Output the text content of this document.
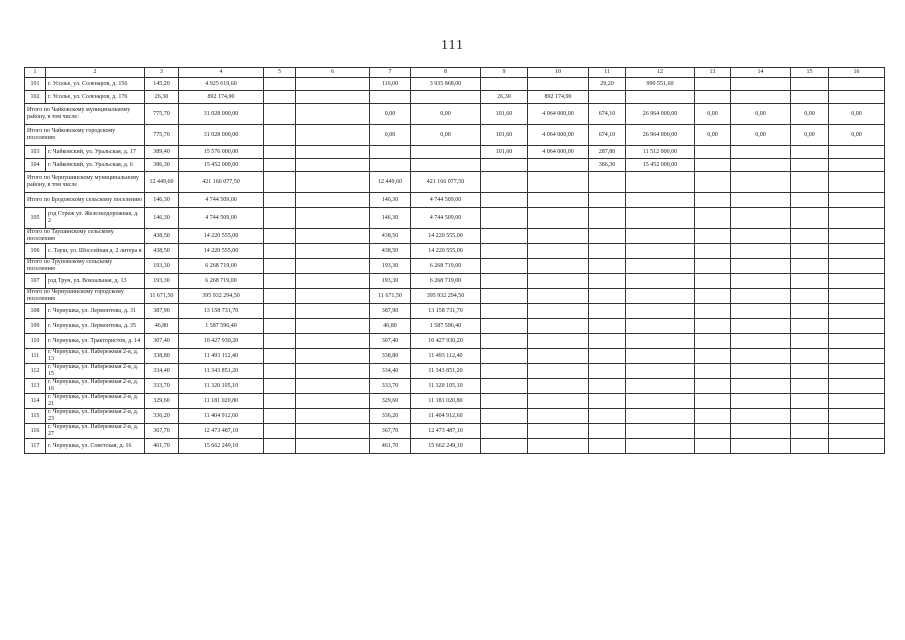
111
1	2	3	4	5	6	7	8	9	10	11	12	13	14	15	16
101	г. Усолье, ул. Соленаров, д. 156	145,20	4 925 619,60			116,00	3 935 868,00			29,20	990 551,60				
102	г. Усолье, ул. Соленаров, д. 176	26,30	892 174,90					26,30	892 174,90						
Итого по Чайковскому муниципальному району, в том числе:		775,70	31 028 000,00			0,00	0,00	101,60	4 064 000,00	674,10	26 964 000,00	0,00	0,00	0,00	0,00
Итого по Чайковскому городскому поселению		775,70	31 028 000,00			0,00	0,00	101,60	4 064 000,00	674,10	26 964 000,00	0,00	0,00	0,00	0,00
103	г. Чайковский, ул. Уральская, д. 17	389,40	15 576 000,00					101,60	4 064 000,00	287,80	11 512 000,00				
104	г. Чайковский, ул. Уральская, д. 6	386,30	15 452 000,00							386,30	15 452 000,00				
Итого по Чернушинскому муниципальному району, в том числе		12 449,60	421 166 077,50			12 449,60	421 166 077,50								
Итого по Бродовскому сельскому поселению		146,30	4 744 509,00			146,30	4 744 509,00								
105	рзд Стреж ул. Железнодорожная, д. 2	146,30	4 744 509,00			146,30	4 744 509,00								
Итого по Таушинскому сельскому поселению		438,50	14 220 555,00			438,50	14 220 555,00								
106	с. Тауш, ул. Шоссейная д. 2 литера я	438,50	14 220 555,00			438,50	14 220 555,00								
Итого по Труновскому сельскому поселению		193,30	6 268 719,00			193,30	6 268 719,00								
107	рзд Трун, ул. Вокзальная, д. 13	193,30	6 268 719,00			193,30	6 268 719,00								
Итого по Чернушинскому городскому поселению		11 671,50	395 932 294,50			11 671,50	395 932 294,50								
108	г. Чернушка, ул. Лермонтова, д. 31	387,90	13 158 731,70			387,90	13 158 731,70								
109	г. Чернушка, ул. Лермонтова, д. 35	46,80	1 587 596,40			46,80	1 587 596,40								
110	г. Чернушка, ул. Трактористов, д. 14	307,40	10 427 930,20			307,40	10 427 930,20								
111	г. Чернушка, ул. Набережная 2-я, д. 13	338,80	11 493 112,40			338,80	11 493 112,40								
112	г. Чернушка, ул. Набережная 2-я, д. 15	334,40	11 343 851,20			334,40	11 343 851,20								
113	г. Чернушка, ул. Набережная 2-я, д. 16	333,70	11 320 105,10			333,70	11 320 105,10								
114	г. Чернушка, ул. Набережная 2-я, д. 21	329,60	11 181 020,80			329,60	11 181 020,80								
115	г. Чернушка, ул. Набережная 2-я, д. 23	336,20	11 404 912,60			336,20	11 404 912,60								
116	г. Чернушка, ул. Набережная 2-я, д. 27	367,70	12 473 487,10			367,70	12 473 487,10								
117	г. Чернушка, ул. Советская, д. 16	461,70	15 662 249,10			461,70	15 662 249,10								
